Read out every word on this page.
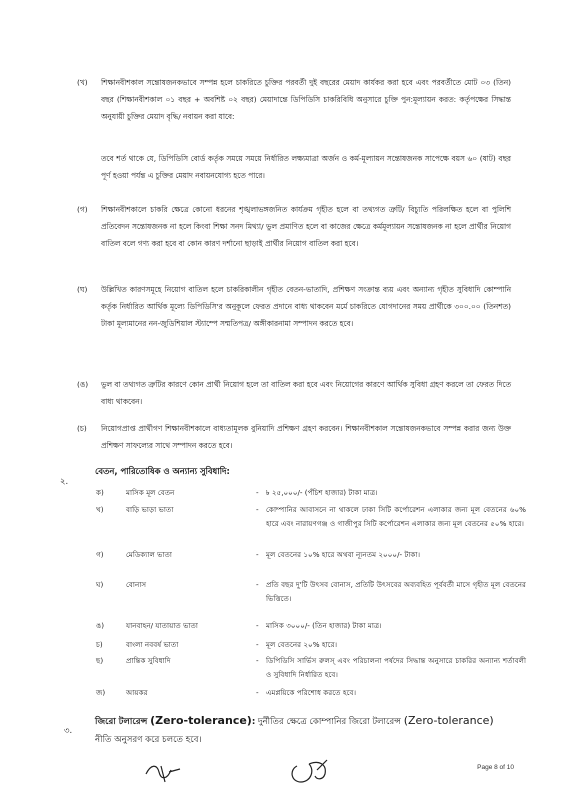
(খ) শিক্ষানবীশকাল সন্তোষজনকভাবে সম্পন্ন হলে চাকরিতে চুক্তির পরবর্তী দুই বছরের মেয়াদ কার্যকর করা হবে এবং পরবর্তীতে মোট ০৩ (তিন) বছর (শিক্ষানবীশকাল ০১ বছর + অবশিষ্ট ০২ বছর) মেয়াদান্তে ডিপিডিসি চাকরিবিধি অনুসারে চুক্তি পুন:মূল্যায়ন করত: কর্তৃপক্ষের সিদ্ধান্ত অনুযায়ী চুক্তির মেয়াদ বৃদ্ধি/ নবায়ন করা যাবে:

তবে শর্ত থাকে যে, ডিপিডিসি বোর্ড কর্তৃক সময়ে সময়ে নির্ধারিত লক্ষ্যমাত্রা অর্জন ও কর্ম-মূল্যায়ন সন্তোষজনক সাপেক্ষে বয়স ৬০ (ষাট) বছর পূর্ণ হওয়া পর্যন্ত এ চুক্তির মেয়াদ নবায়নযোগ্য হতে পারে।

(গ) শিক্ষানবীশকালে চাকরি ক্ষেত্রে কোনো ধরনের শৃঙ্খলাভঙ্গজনিত কার্যক্রম গৃহীত হলে বা তথ্যগত ত্রুটি/ বিচ্যুতি পরিলক্ষিত হলে বা পুলিশি প্রতিবেদন সন্তোষজনক না হলে কিংবা শিক্ষা সনদ মিথ্যা/ ভুল প্রমাণিত হলে বা কাজের ক্ষেত্রে কর্মমূল্যায়ন সন্তোষজনক না হলে প্রার্থীর নিয়োগ বাতিল বলে গণ্য করা হবে বা কোন কারণ দর্শানো ছাড়াই প্রার্থীর নিয়োগ বাতিল করা হবে।

(ঘ) উল্লিখিত কারণসমূহে নিয়োগ বাতিল হলে চাকরিকালীন গৃহীত বেতন-ভাতাদি, প্রশিক্ষণ সংক্রান্ত ব্যয় এবং অন্যান্য গৃহীত সুবিধাদি কোম্পানি কর্তৃক নির্ধারিত আর্থিক মূল্যে ডিপিডিসি'র অনুকূলে ফেরত প্রদানে বাধ্য থাকবেন মর্মে চাকরিতে যোগদানের সময় প্রার্থীকে ৩০০.০০ (তিনশত) টাকা মূল্যমানের নন-জুডিশিয়াল স্ট্যাম্পে সম্মতিপত্র/ অঙ্গীকারনামা সম্পাদন করতে হবে।

(ঙ) ভুল বা তথ্যগত ত্রুটির কারণে কোন প্রার্থী নিয়োগ হলে তা বাতিল করা হবে এবং নিয়োগের কারণে আর্থিক সুবিধা গ্রহণ করলে তা ফেরত দিতে বাধ্য থাকবেন।

(চ) নিয়োগপ্রাপ্ত প্রার্থীগণ শিক্ষানবীশকালে বাধ্যতামূলক বুনিয়াদি প্রশিক্ষণ গ্রহণ করবেন। শিক্ষানবীশকাল সন্তোষজনকভাবে সম্পন্ন করার জন্য উক্ত প্রশিক্ষণ সাফল্যের সাথে সম্পাদন করতে হবে।

২.
বেতন, পারিতোষিক ও অন্যান্য সুবিধাদি:
ক)	মাসিক মূল বেতন	- ৳ ২৫,০০০/- (পঁচিশ হাজার) টাকা মাত্র।
খ)	বাড়ি ভাড়া ভাতা	- কোম্পানির আবাসনে না থাকলে ঢাকা সিটি কর্পোরেশন এলাকার জন্য মূল বেতনের ৬০% হারে এবং নারায়ণগঞ্জ ও গাজীপুর সিটি কর্পোরেশন এলাকার জন্য মূল বেতনের ৫০% হারে।
গ)	মেডিক্যাল ভাতা	- মূল বেতনের ১০% হারে অথবা ন্যূনতম ২০০০/- টাকা।
ঘ)	বোনাস	- প্রতি বছর দু'টি উৎসব বোনাস, প্রতিটি উৎসবের অব্যবহিত পূর্ববর্তী মাসে গৃহীত মূল বেতনের ভিত্তিতে।
ঙ)	যানবাহন/ যাতায়াত ভাতা	- মাসিক ৩০০০/- (তিন হাজার) টাকা মাত্র।
চ)	বাংলা নববর্ষ ভাতা	- মূল বেতনের ২০% হারে।
ছ)	প্রান্তিক সুবিধাদি	- ডিপিডিসি সার্ভিস রুলস্ এবং পরিচালনা পর্ষদের সিদ্ধান্ত অনুসারে চাকরির অন্যান্য শর্তাবলী ও সুবিধাদি নির্ধারিত হবে।
জ)	আয়কর	- এমপ্লয়িকে পরিশোধ করতে হবে।
৩.
জিরো টলারেন্স (Zero-tolerance): দুর্নীতির ক্ষেত্রে কোম্পানির জিরো টলারেন্স (Zero-tolerance)
নীতি অনুসরণ করে চলতে হবে।
Page 8 of 10
